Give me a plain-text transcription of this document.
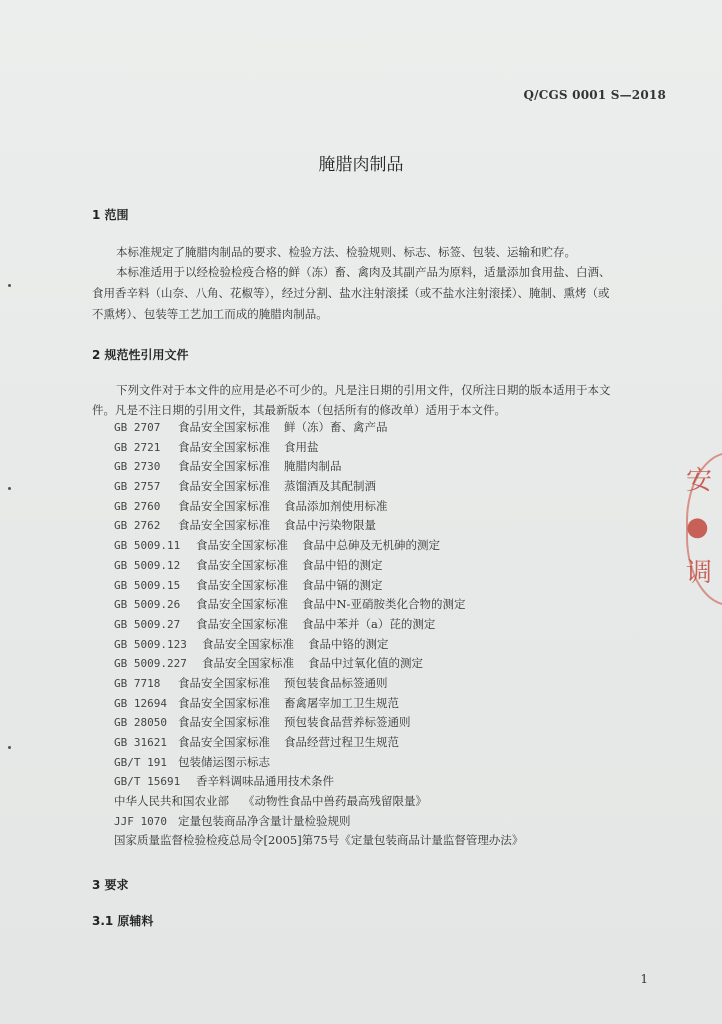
Q/CGS 0001 S—2018
腌腊肉制品
1 范围
本标准规定了腌腊肉制品的要求、检验方法、检验规则、标志、标签、包装、运输和贮存。
本标准适用于以经检验检疫合格的鲜（冻）畜、禽肉及其副产品为原料，适量添加食用盐、白酒、
食用香辛料（山奈、八角、花椒等），经过分割、盐水注射滚揉（或不盐水注射滚揉）、腌制、熏烤（或
不熏烤）、包装等工艺加工而成的腌腊肉制品。
2 规范性引用文件
下列文件对于本文件的应用是必不可少的。凡是注日期的引用文件，仅所注日期的版本适用于本文
件。凡是不注日期的引用文件，其最新版本（包括所有的修改单）适用于本文件。
GB 2707 食品安全国家标准 鲜（冻）畜、禽产品
GB 2721 食品安全国家标准 食用盐
GB 2730 食品安全国家标准 腌腊肉制品
GB 2757 食品安全国家标准 蒸馏酒及其配制酒
GB 2760 食品安全国家标准 食品添加剂使用标准
GB 2762 食品安全国家标准 食品中污染物限量
GB 5009.11 食品安全国家标准 食品中总砷及无机砷的测定
GB 5009.12 食品安全国家标准 食品中铅的测定
GB 5009.15 食品安全国家标准 食品中镉的测定
GB 5009.26 食品安全国家标准 食品中N-亚硝胺类化合物的测定
GB 5009.27 食品安全国家标准 食品中苯并（a）芘的测定
GB 5009.123 食品安全国家标准 食品中铬的测定
GB 5009.227 食品安全国家标准 食品中过氧化值的测定
GB 7718 食品安全国家标准 预包装食品标签通则
GB 12694 食品安全国家标准 畜禽屠宰加工卫生规范
GB 28050 食品安全国家标准 预包装食品营养标签通则
GB 31621 食品安全国家标准 食品经营过程卫生规范
GB/T 191 包装储运图示标志
GB/T 15691 香辛料调味品通用技术条件
中华人民共和国农业部 《动物性食品中兽药最高残留限量》
JJF 1070 定量包装商品净含量计量检验规则
国家质量监督检验检疫总局令[2005]第75号《定量包装商品计量监督管理办法》
3 要求
3.1 原辅料
1
安
●
调
